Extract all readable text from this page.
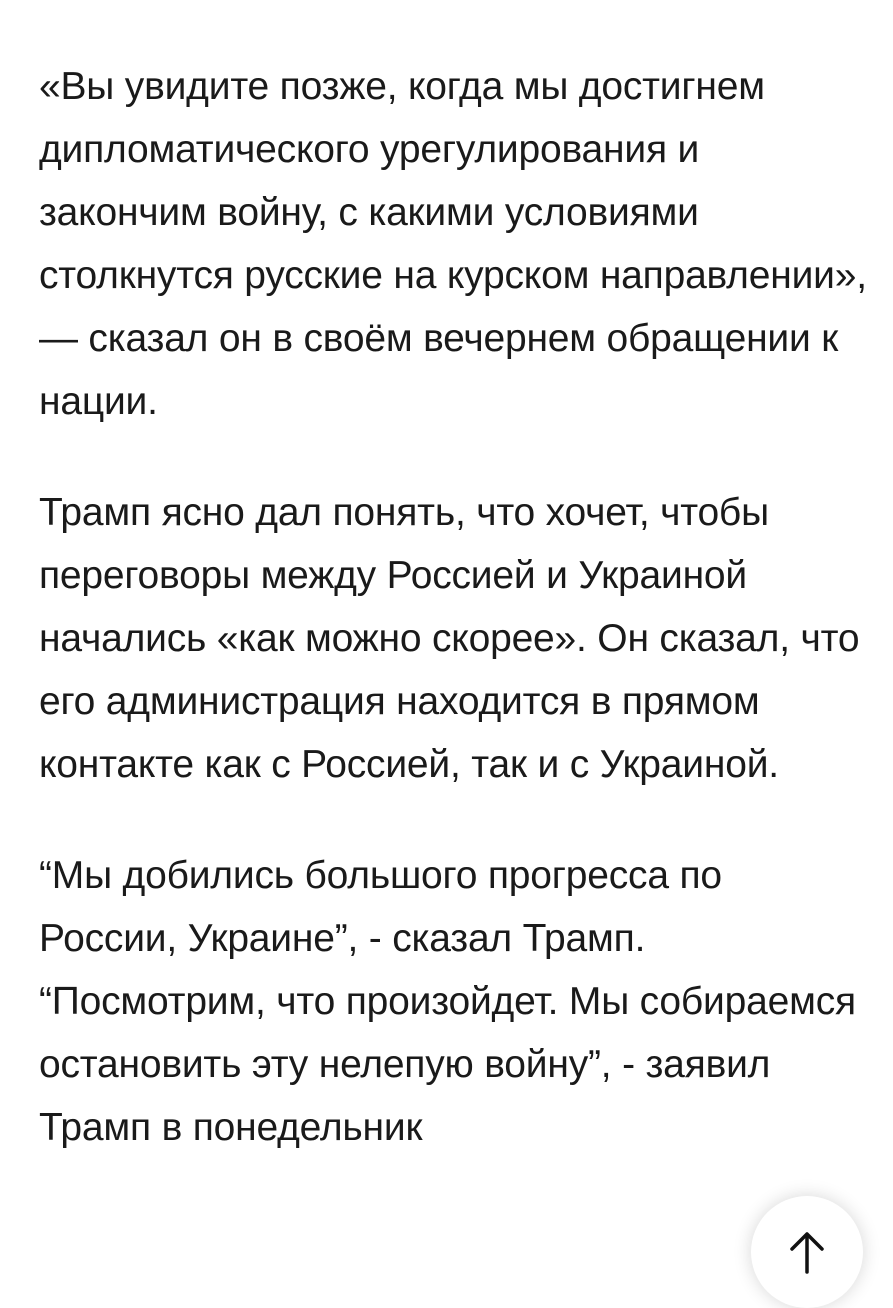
«Вы увидите позже, когда мы достигнем дипломатического урегулирования и закончим войну, с какими условиями столкнутся русские на курском направлении», — сказал он в своём вечернем обращении к нации.

Трамп ясно дал понять, что хочет, чтобы переговоры между Россией и Украиной начались «как можно скорее». Он сказал, что его администрация находится в прямом контакте как с Россией, так и с Украиной.

“Мы добились большого прогресса по России, Украине”, - сказал Трамп. “Посмотрим, что произойдет. Мы собираемся остановить эту нелепую войну”, - заявил Трамп в понедельник
